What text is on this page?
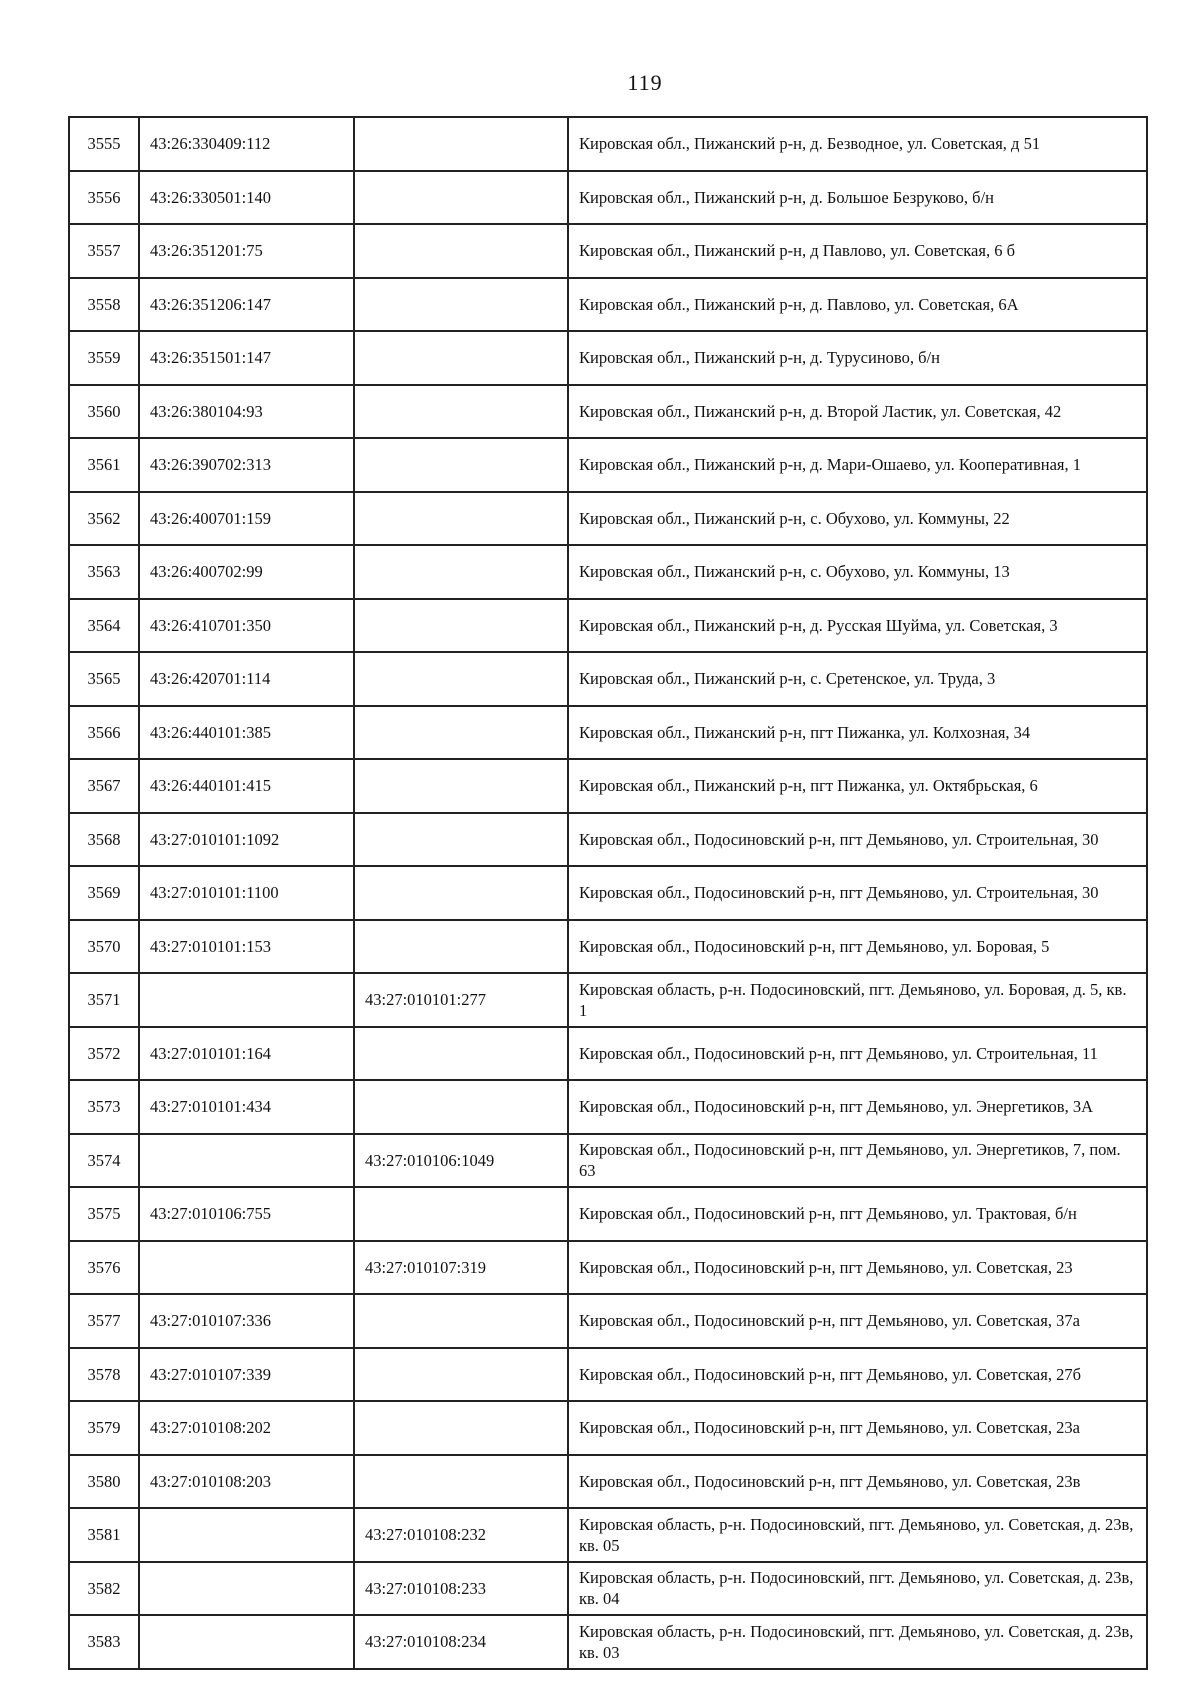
119
3555	43:26:330409:112		Кировская обл., Пижанский р-н, д. Безводное, ул. Советская, д 51
3556	43:26:330501:140		Кировская обл., Пижанский р-н, д. Большое Безруково, б/н
3557	43:26:351201:75		Кировская обл., Пижанский р-н, д Павлово, ул. Советская, 6 б
3558	43:26:351206:147		Кировская обл., Пижанский р-н, д. Павлово, ул. Советская, 6А
3559	43:26:351501:147		Кировская обл., Пижанский р-н, д. Турусиново, б/н
3560	43:26:380104:93		Кировская обл., Пижанский р-н, д. Второй Ластик, ул. Советская, 42
3561	43:26:390702:313		Кировская обл., Пижанский р-н, д. Мари-Ошаево, ул. Кооперативная, 1
3562	43:26:400701:159		Кировская обл., Пижанский р-н, с. Обухово, ул. Коммуны, 22
3563	43:26:400702:99		Кировская обл., Пижанский р-н, с. Обухово, ул. Коммуны, 13
3564	43:26:410701:350		Кировская обл., Пижанский р-н, д. Русская Шуйма, ул. Советская, 3
3565	43:26:420701:114		Кировская обл., Пижанский р-н, с. Сретенское, ул. Труда, 3
3566	43:26:440101:385		Кировская обл., Пижанский р-н, пгт Пижанка, ул. Колхозная, 34
3567	43:26:440101:415		Кировская обл., Пижанский р-н, пгт Пижанка, ул. Октябрьская, 6
3568	43:27:010101:1092		Кировская обл., Подосиновский р-н, пгт Демьяново, ул. Строительная, 30
3569	43:27:010101:1100		Кировская обл., Подосиновский р-н, пгт Демьяново, ул. Строительная, 30
3570	43:27:010101:153		Кировская обл., Подосиновский р-н, пгт Демьяново, ул. Боровая, 5
3571		43:27:010101:277	Кировская область, р-н. Подосиновский, пгт. Демьяново, ул. Боровая, д. 5, кв. 1
3572	43:27:010101:164		Кировская обл., Подосиновский р-н, пгт Демьяново, ул. Строительная, 11
3573	43:27:010101:434		Кировская обл., Подосиновский р-н, пгт Демьяново, ул. Энергетиков, 3А
3574		43:27:010106:1049	Кировская обл., Подосиновский р-н, пгт Демьяново, ул. Энергетиков, 7, пом. 63
3575	43:27:010106:755		Кировская обл., Подосиновский р-н, пгт Демьяново, ул. Трактовая, б/н
3576		43:27:010107:319	Кировская обл., Подосиновский р-н, пгт Демьяново, ул. Советская, 23
3577	43:27:010107:336		Кировская обл., Подосиновский р-н, пгт Демьяново, ул. Советская, 37а
3578	43:27:010107:339		Кировская обл., Подосиновский р-н, пгт Демьяново, ул. Советская, 27б
3579	43:27:010108:202		Кировская обл., Подосиновский р-н, пгт Демьяново, ул. Советская, 23а
3580	43:27:010108:203		Кировская обл., Подосиновский р-н, пгт Демьяново, ул. Советская, 23в
3581		43:27:010108:232	Кировская область, р-н. Подосиновский, пгт. Демьяново, ул. Советская, д. 23в, кв. 05
3582		43:27:010108:233	Кировская область, р-н. Подосиновский, пгт. Демьяново, ул. Советская, д. 23в, кв. 04
3583		43:27:010108:234	Кировская область, р-н. Подосиновский, пгт. Демьяново, ул. Советская, д. 23в, кв. 03
